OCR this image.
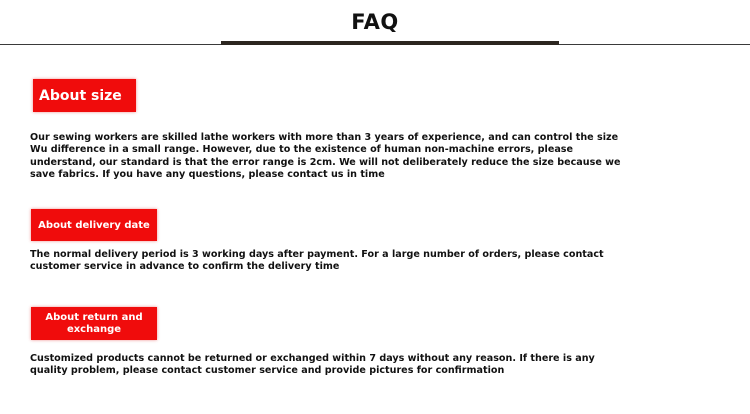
FAQ
About size

Our sewing workers are skilled lathe workers with more than 3 years of experience, and can control the size Wu difference in a small range. However, due to the existence of human non-machine errors, please understand, our standard is that the error range is 2cm. We will not deliberately reduce the size because we save fabrics. If you have any questions, please contact us in time

About delivery date

The normal delivery period is 3 working days after payment. For a large number of orders, please contact customer service in advance to confirm the delivery time

About return and exchange

Customized products cannot be returned or exchanged within 7 days without any reason. If there is any quality problem, please contact customer service and provide pictures for confirmation
